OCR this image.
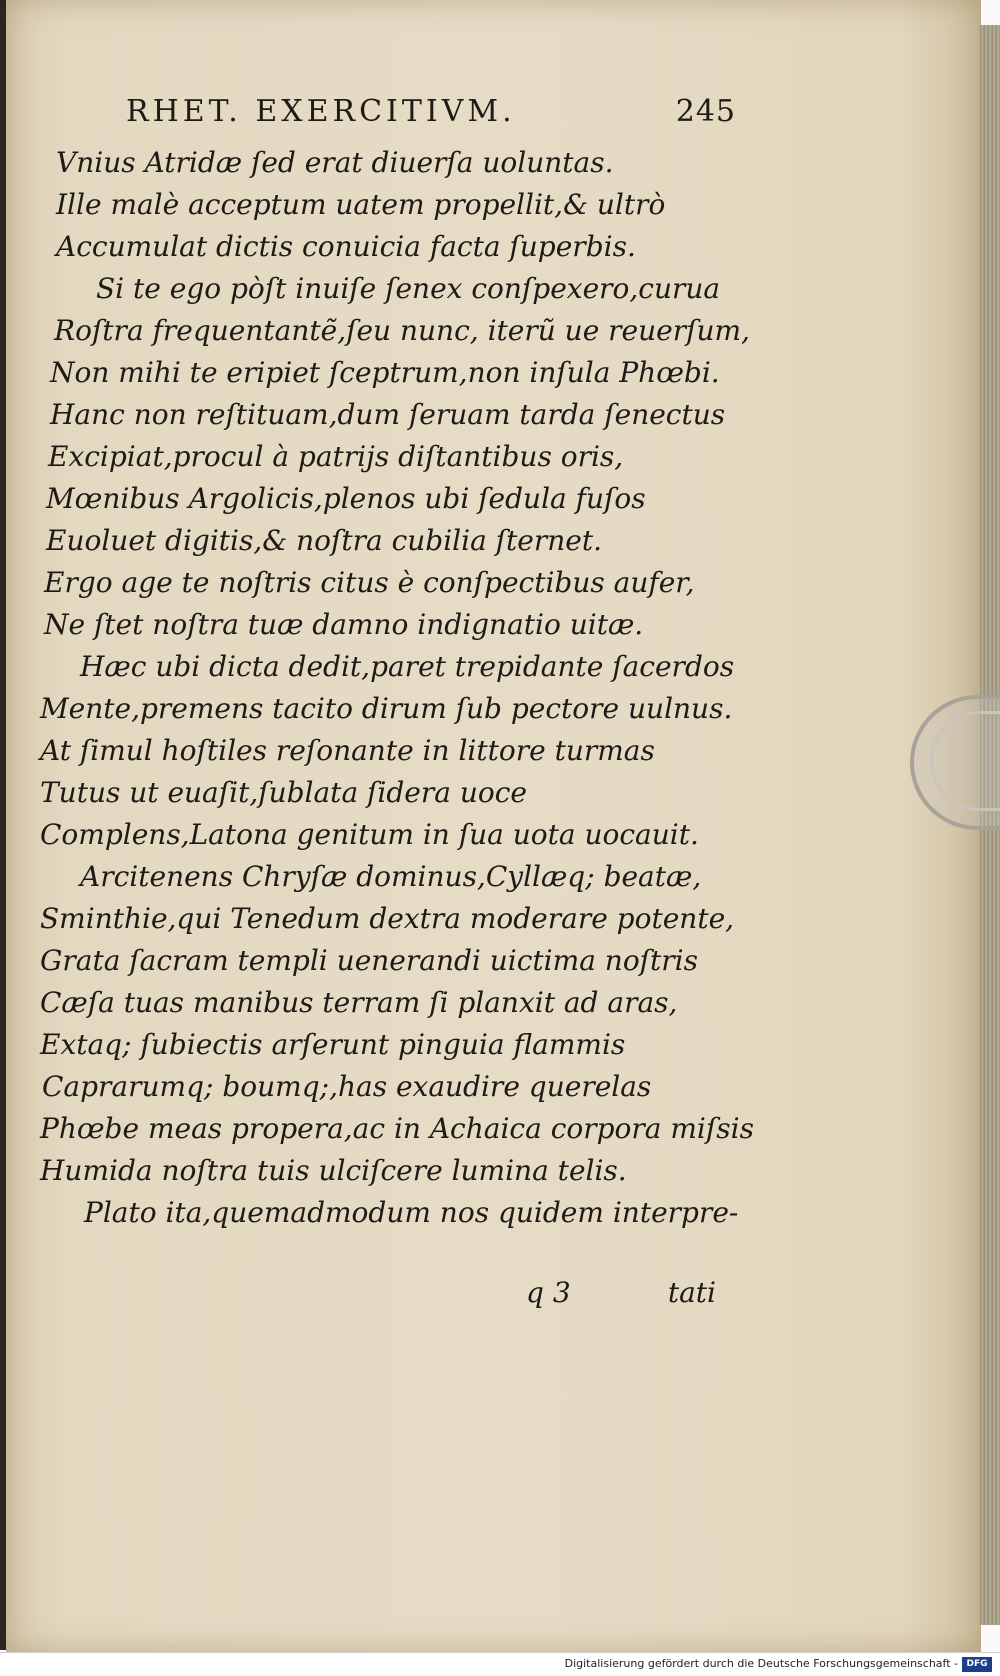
RHET. EXERCITIVM.	245
Vnius Atridæ ſed erat diuerſa uoluntas.
Ille malè acceptum uatem propellit,& ultrò
Accumulat dictis conuicia facta ſuperbis.
Si te ego pòſt inuiſe ſenex conſpexero,curua
Roſtra frequentantẽ,ſeu nunc, iterũ ue reuerſum,
Non mihi te eripiet ſceptrum,non inſula Phœbi.
Hanc non reſtituam,dum ſeruam tarda ſenectus
Excipiat,procul à patrijs diſtantibus oris,
Mœnibus Argolicis,plenos ubi ſedula fuſos
Euoluet digitis,& noſtra cubilia ſternet.
Ergo age te noſtris citus è conſpectibus aufer,
Ne ſtet noſtra tuæ damno indignatio uitæ.
Hæc ubi dicta dedit,paret trepidante ſacerdos
Mente,premens tacito dirum ſub pectore uulnus.
At ſimul hoſtiles reſonante in littore turmas
Tutus ut euaſit,ſublata ſidera uoce
Complens,Latona genitum in ſua uota uocauit.
Arcitenens Chryſæ dominus,Cyllæq; beatæ,
Sminthie,qui Tenedum dextra moderare potente,
Grata ſacram templi uenerandi uictima noſtris
Cæſa tuas manibus terram ſi planxit ad aras,
Extaq; ſubiectis arſerunt pinguia flammis
Caprarumq; boumq;,has exaudire querelas
Phœbe meas propera,ac in Achaica corpora miſsis
Humida noſtra tuis ulciſcere lumina telis.
Plato ita,quemadmodum nos quidem interpre-
q 3	tati
Digitalisierung gefördert durch die Deutsche Forschungsgemeinschaft - DFG
